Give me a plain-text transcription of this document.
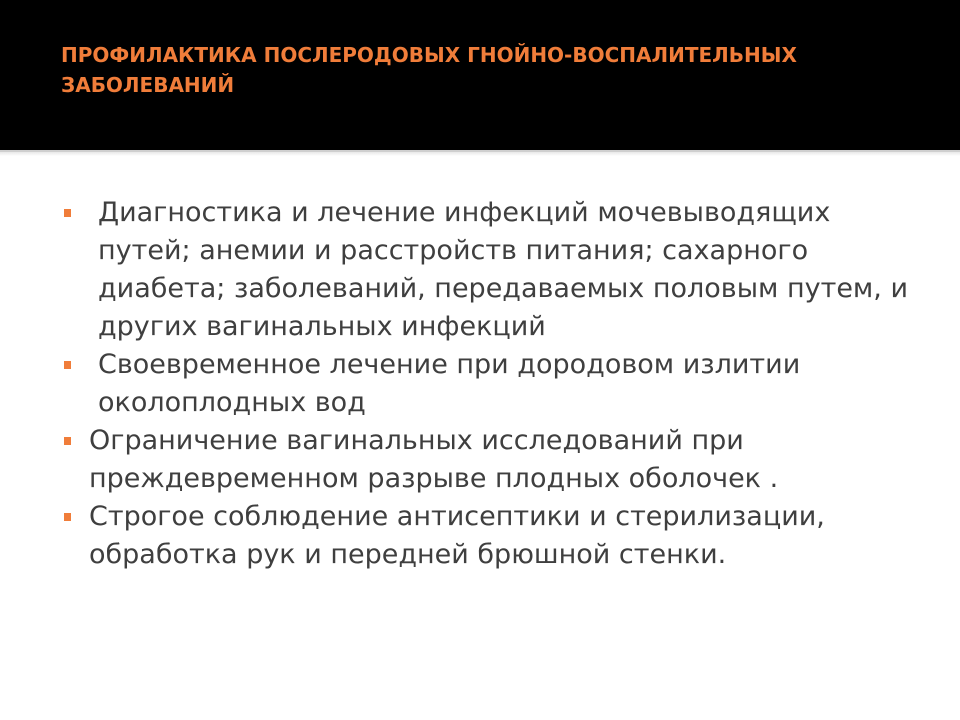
ПРОФИЛАКТИКА ПОСЛЕРОДОВЫХ ГНОЙНО-ВОСПАЛИТЕЛЬНЫХ ЗАБОЛЕВАНИЙ
Диагностика и лечение инфекций мочевыводящих путей; анемии и расстройств питания; сахарного диабета; заболеваний, передаваемых половым путем, и других вагинальных инфекций
Своевременное лечение при дородовом излитии околоплодных вод
Ограничение вагинальных исследований при преждевременном разрыве плодных оболочек .
Строгое соблюдение антисептики и стерилизации, обработка рук и передней брюшной стенки.
